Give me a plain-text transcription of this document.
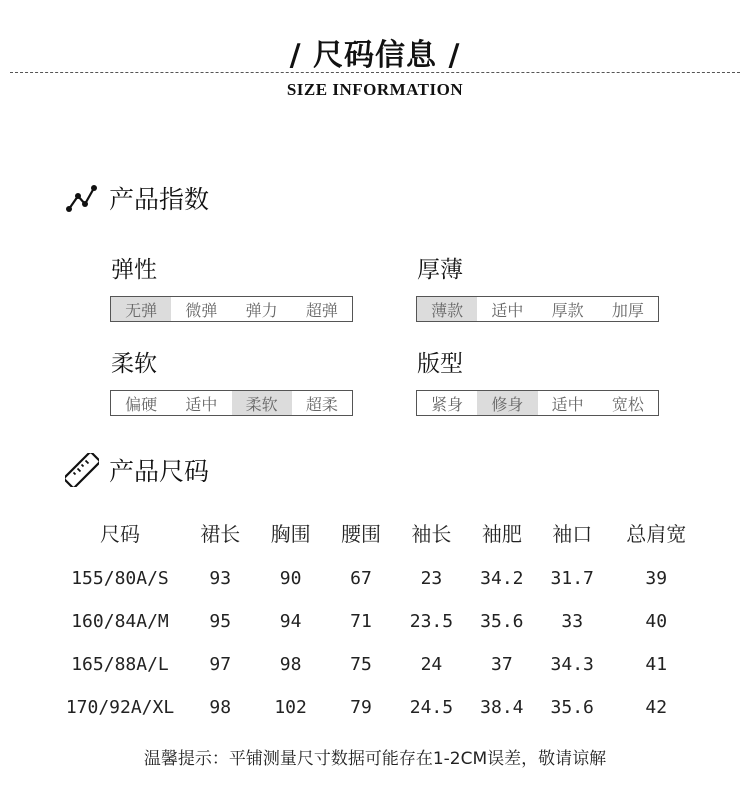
/ 尺码信息 /
SIZE INFORMATION
产品指数
弹性
无弹	微弹	弹力	超弹
厚薄
薄款	适中	厚款	加厚
柔软
偏硬	适中	柔软	超柔
版型
紧身	修身	适中	宽松
产品尺码
尺码	裙长	胸围	腰围	袖长	袖肥	袖口	总肩宽
155/80A/S	93	90	67	23	34.2	31.7	39
160/84A/M	95	94	71	23.5	35.6	33	40
165/88A/L	97	98	75	24	37	34.3	41
170/92A/XL	98	102	79	24.5	38.4	35.6	42
温馨提示：平铺测量尺寸数据可能存在1-2CM误差，敬请谅解
